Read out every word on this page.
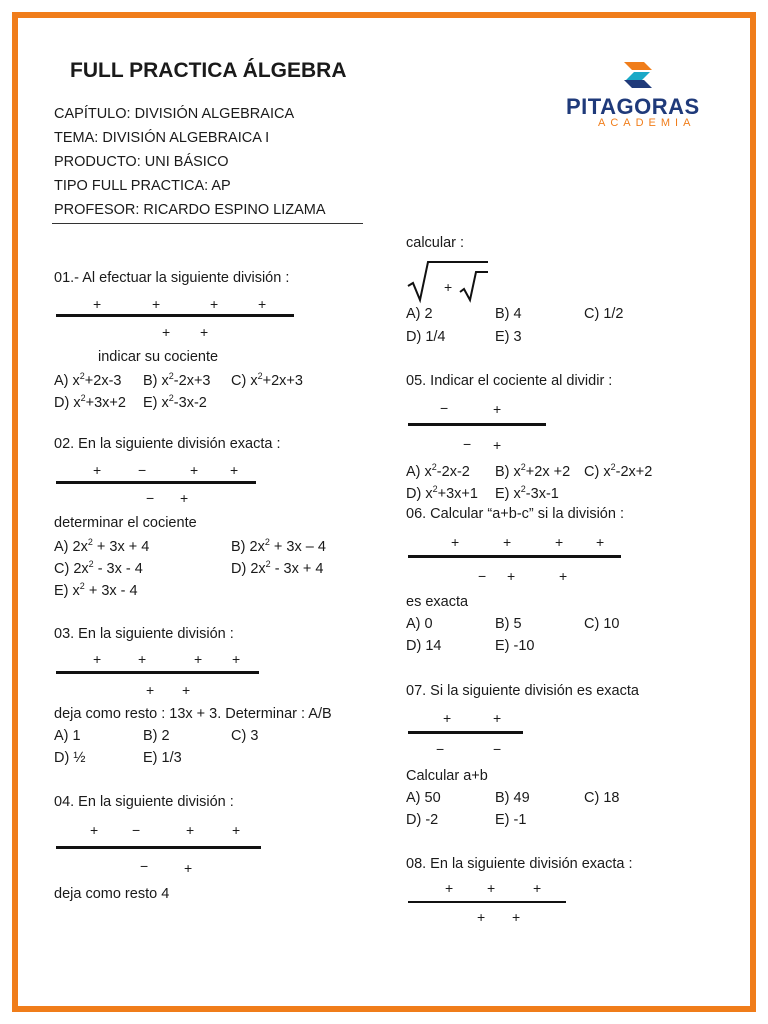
FULL PRACTICA ÁLGEBRA
CAPÍTULO: DIVISIÓN ALGEBRAICA
TEMA: DIVISIÓN ALGEBRAICA I
PRODUCTO: UNI BÁSICO
TIPO FULL PRACTICA: AP
PROFESOR: RICARDO ESPINO LIZAMA
PITAGORAS
ACADEMIA
01.- Al efectuar la siguiente división :
+	+	+	+
+ +
indicar su cociente
A) $x^2+2x-3$ B) $x^2-2x+3$ C) $x^2+2x+3$
D) $x^2+3x+2$ E) $x^2-3x-2$
02. En la siguiente división exacta :
+	−	+ +
− +
determinar el cociente
A) $2x^2 + 3x + 4$	B) $2x^2 + 3x - 4$
C) $2x^2 - 3x - 4$	D) $2x^2 - 3x + 4$
E) $x^2 + 3x - 4$
03. En la siguiente división :
+	+	+ +
+ +
deja como resto : 13x + 3. Determinar : A/B
A) 1	B) 2	C) 3
D) ½	E) 1/3
04. En la siguiente división :
+ −	+	+
−	+
deja como resto 4
calcular :
+
A) 2	B) 4	C) 1/2
D) 1/4	E) 3
05. Indicar el cociente al dividir :
−	+
− +
A) $x^2-2x-2$ B) $x^2+2x +2$ C) $x^2-2x+2$
D) $x^2+3x+1$ E) $x^2-3x-1$
06. Calcular “a+b-c” si la división :
+	+	+ +
− +	+
es exacta
A) 0	B) 5	C) 10
D) 14	E) -10
07. Si la siguiente división es exacta
+	+
−	−
Calcular a+b
A) 50	B) 49	C) 18
D) -2	E) -1
08. En la siguiente división exacta :
+ +	+
+ +
